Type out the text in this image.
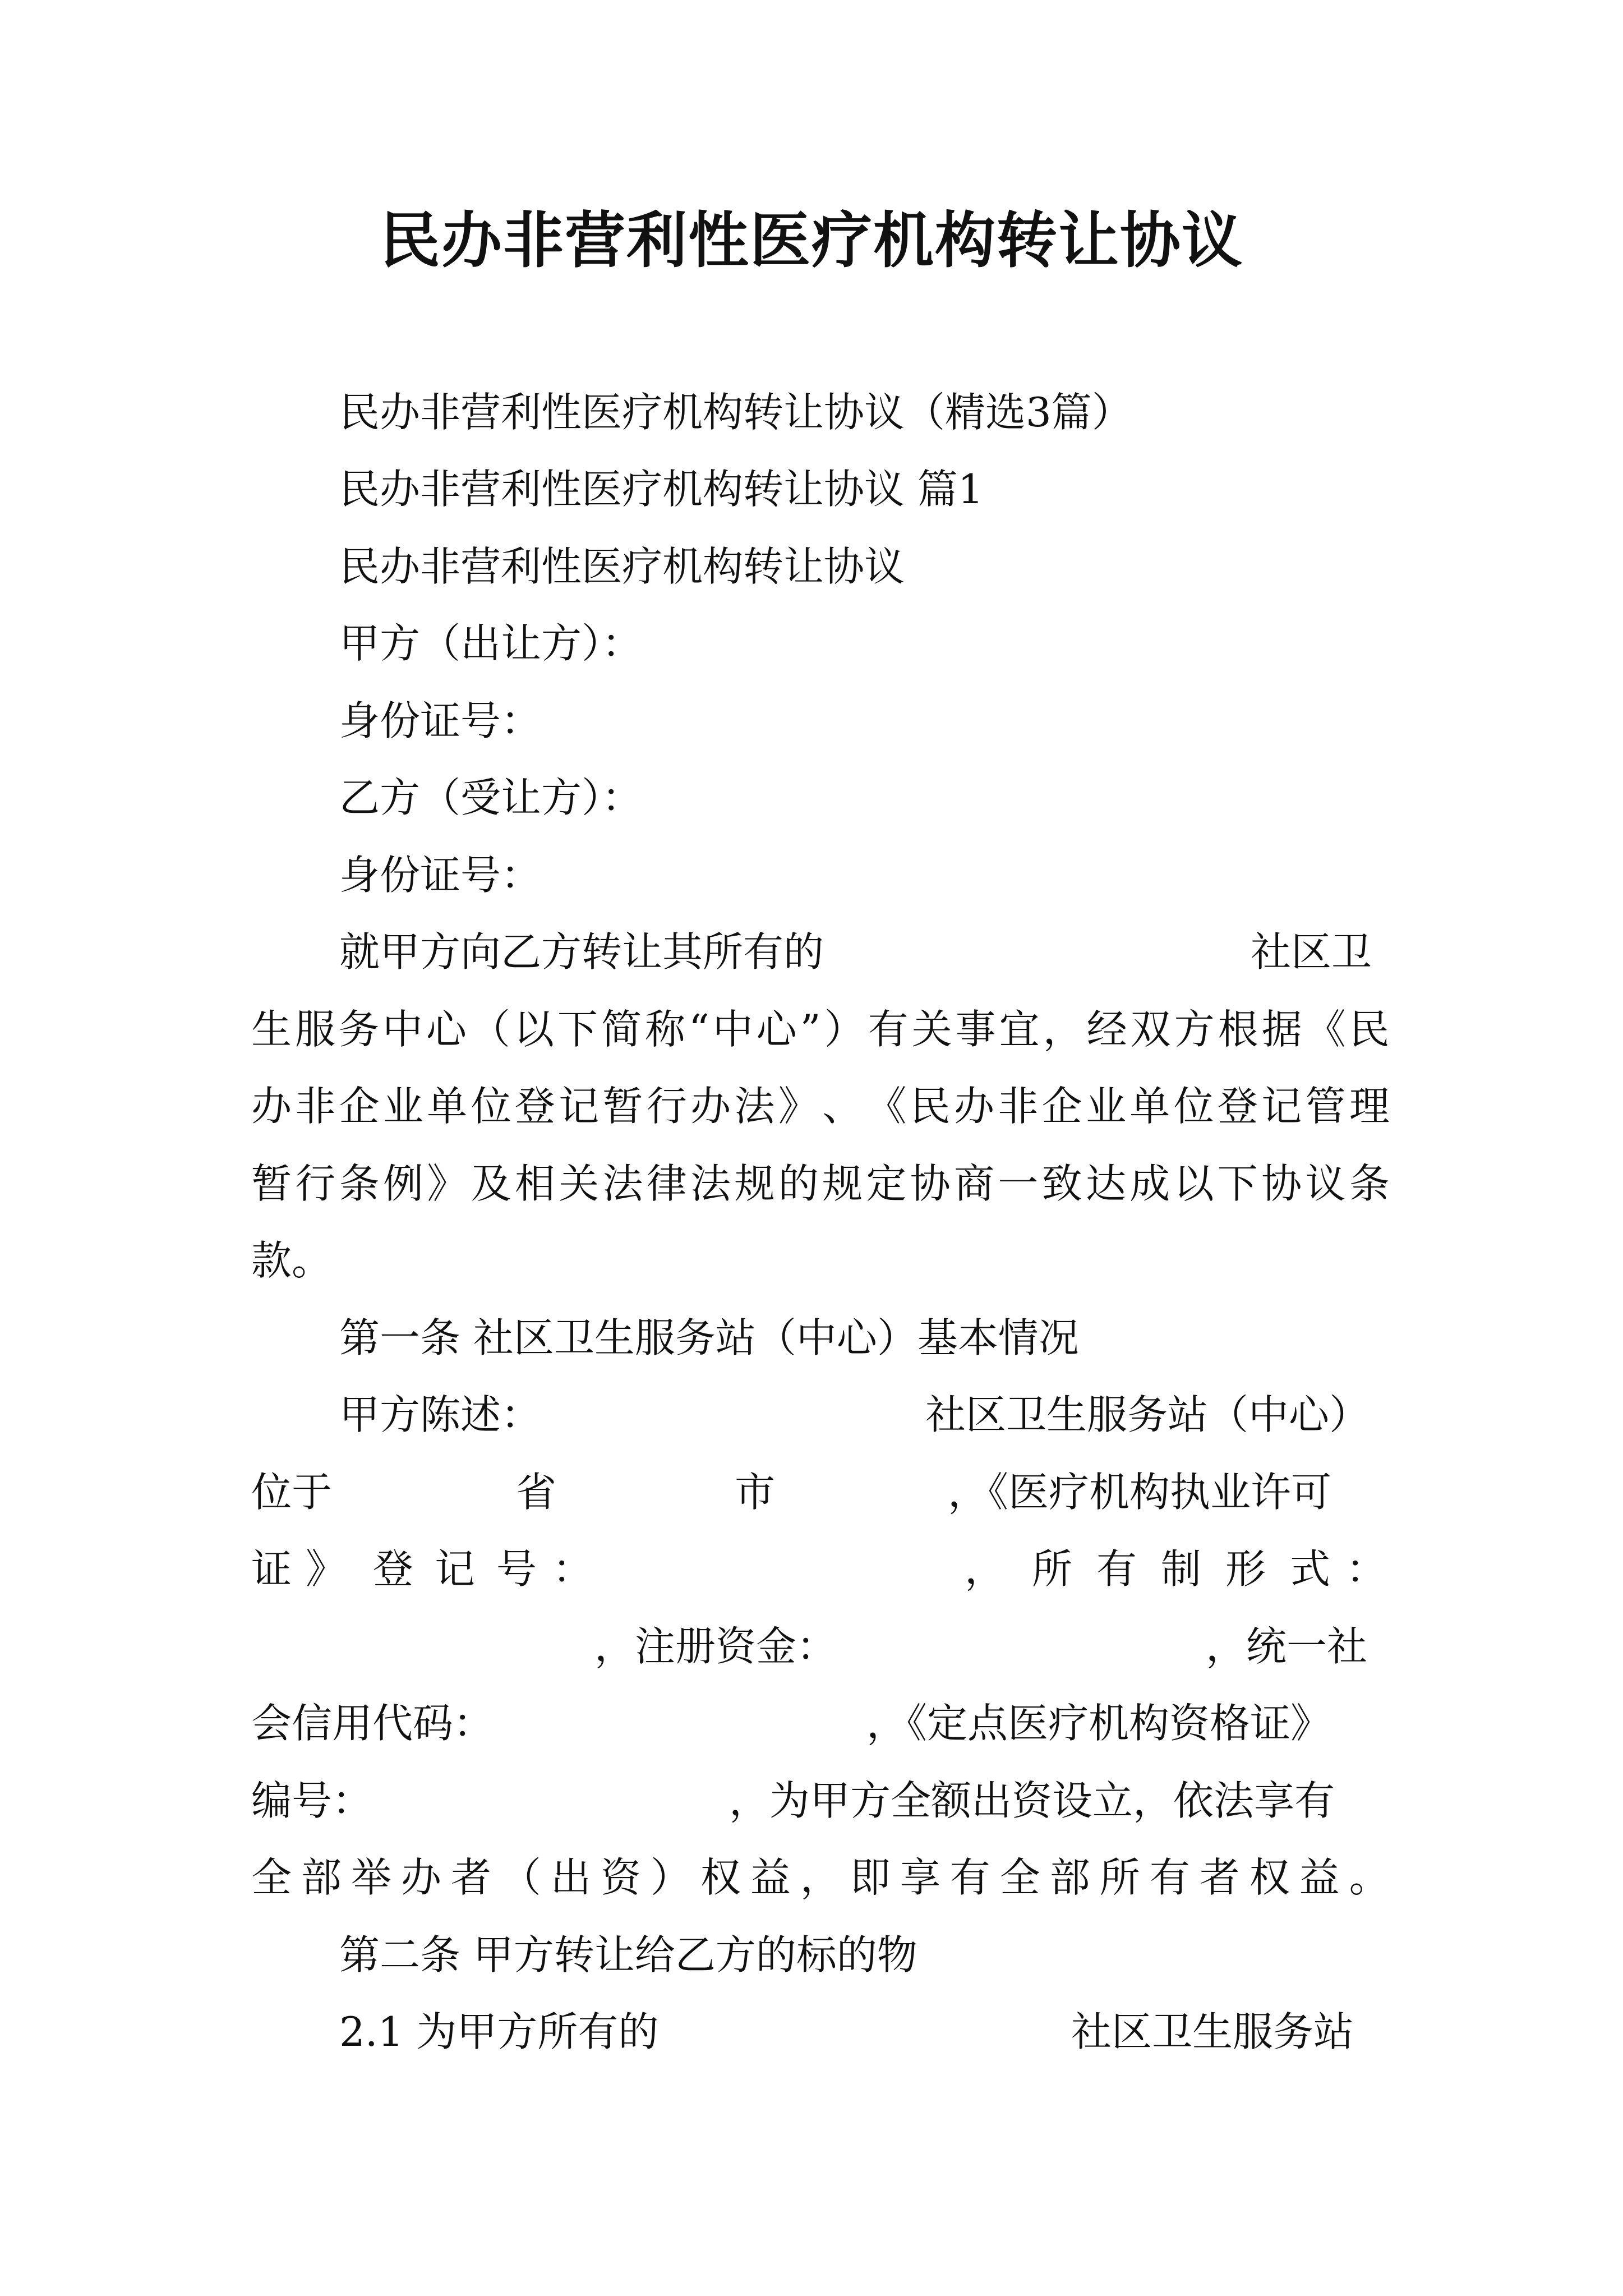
民办非营利性医疗机构转让协议
民办非营利性医疗机构转让协议（精选3篇）
民办非营利性医疗机构转让协议 篇1
民办非营利性医疗机构转让协议
甲方（出让方）：
身份证号：
乙方（受让方）：
身份证号：
就甲方向乙方转让其所有的	社区卫
生 服 务 中 心 （ 以 下 简 称 “ 中 心 ” ） 有 关 事 宜 ， 经 双 方 根 据 《 民
办 非 企 业 单 位 登 记 暂 行 办 法 》 、 《 民 办 非 企 业 单 位 登 记 管 理
暂 行 条 例 》 及 相 关 法 律 法 规 的 规 定 协 商 一 致 达 成 以 下 协 议 条
款。
第一条 社区卫生服务站（中心）基本情况
甲方陈述：	社区卫生服务站（中心）
位于	省	市	，《医疗机构执业许可
证 》 登 记 号 ：	， 所 有 制 形 式 ：
，注册资金：	，统一社
会信用代码：	，《定点医疗机构资格证》
编号：	，为甲方全额出资设立，依法享有
全 部 举 办 者 （ 出 资 ） 权 益 ， 即 享 有 全 部 所 有 者 权 益 。
第二条 甲方转让给乙方的标的物
2.1 为甲方所有的	社区卫生服务站
